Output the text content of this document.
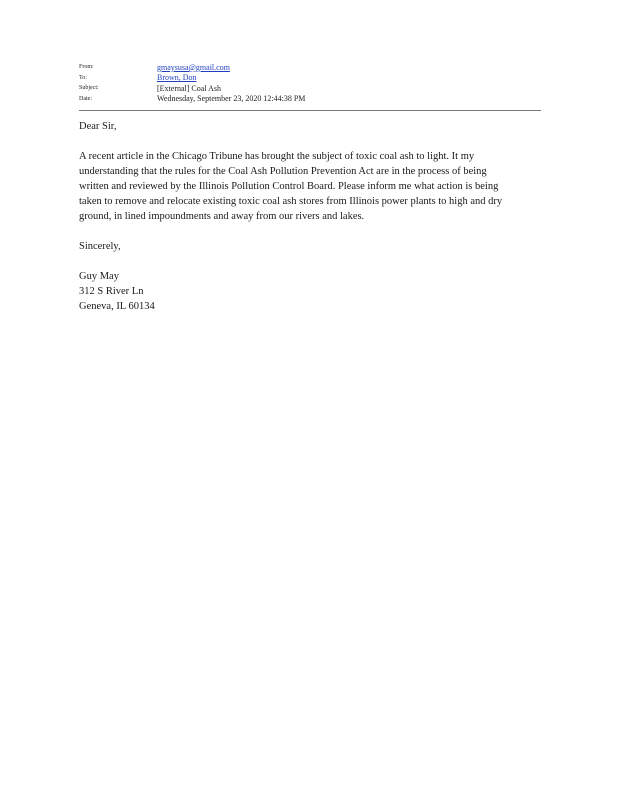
From:	gmaysusa@gmail.com
To:	Brown, Don
Subject:	[External] Coal Ash
Date:	Wednesday, September 23, 2020 12:44:38 PM

Dear Sir,

A recent article in the Chicago Tribune has brought the subject of toxic coal ash to light. It my

understanding that the rules for the Coal Ash Pollution Prevention Act are in the process of being

written and reviewed by the Illinois Pollution Control Board. Please inform me what action is being

taken to remove and relocate existing toxic coal ash stores from Illinois power plants to high and dry

ground, in lined impoundments and away from our rivers and lakes.

Sincerely,

Guy May

312 S River Ln

Geneva, IL 60134
